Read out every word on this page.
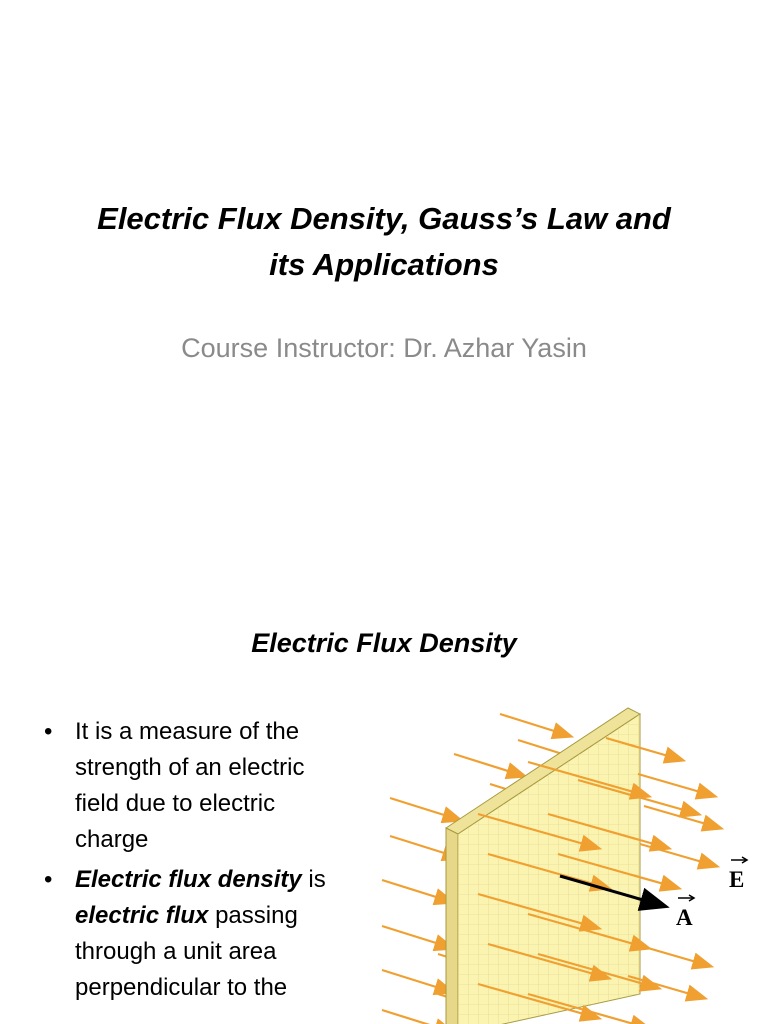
Electric Flux Density, Gauss’s Law and
its Applications

Course Instructor: Dr. Azhar Yasin

Electric Flux Density
• It is a measure of the strength of an electric field due to electric charge
• Electric flux density is electric flux passing through a unit area perpendicular to the
E
A
